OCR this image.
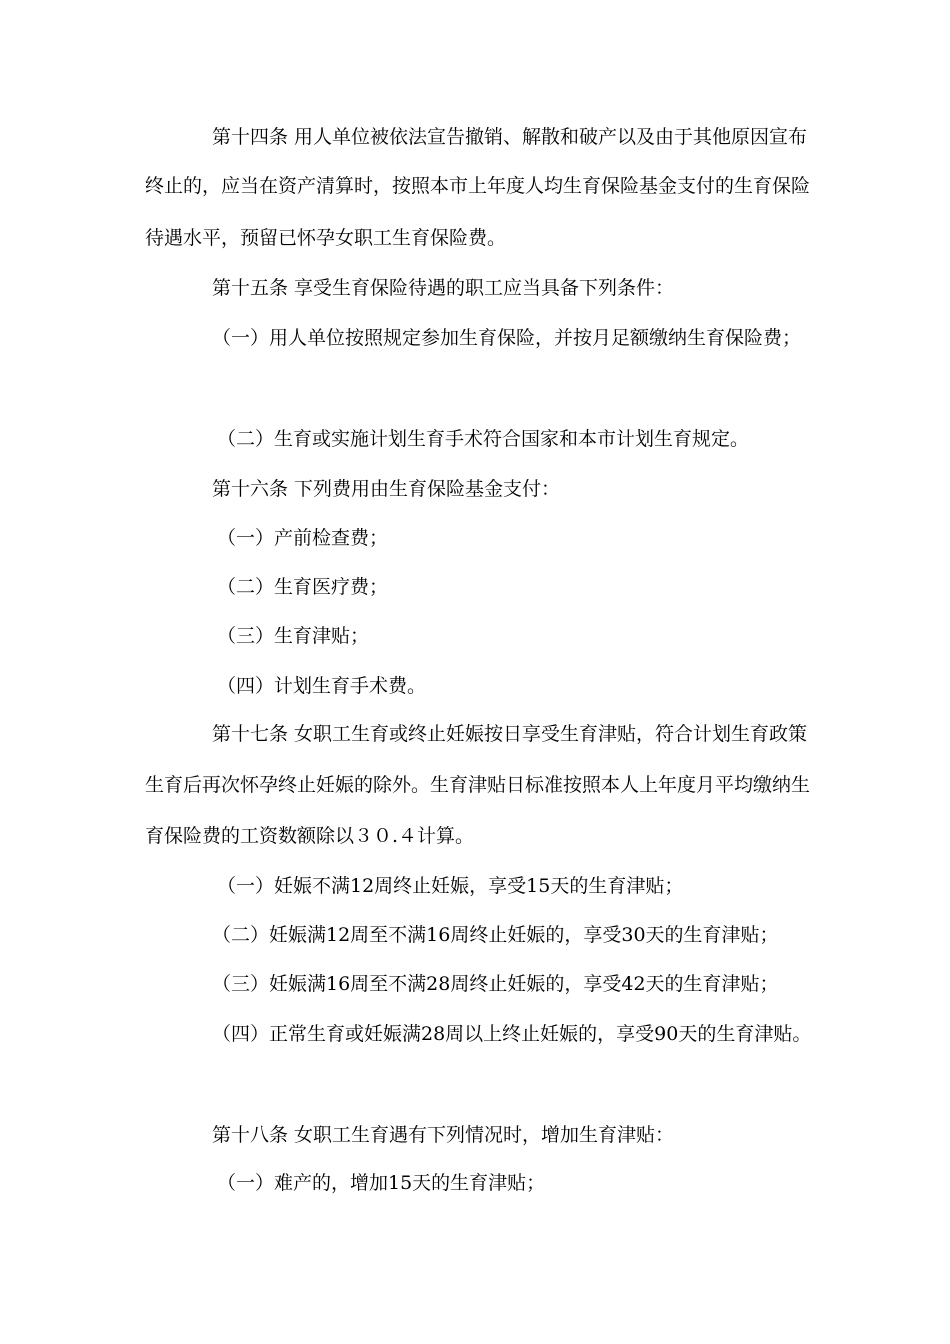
第十四条 用人单位被依法宣告撤销、解散和破产以及由于其他原因宣布
终止的，应当在资产清算时，按照本市上年度人均生育保险基金支付的生育保险
待遇水平，预留已怀孕女职工生育保险费。
第十五条 享受生育保险待遇的职工应当具备下列条件：
（一）用人单位按照规定参加生育保险，并按月足额缴纳生育保险费；
（二）生育或实施计划生育手术符合国家和本市计划生育规定。
第十六条 下列费用由生育保险基金支付：
（一）产前检查费；
（二）生育医疗费；
（三）生育津贴；
（四）计划生育手术费。
第十七条 女职工生育或终止妊娠按日享受生育津贴，符合计划生育政策
生育后再次怀孕终止妊娠的除外。生育津贴日标准按照本人上年度月平均缴纳生
育保险费的工资数额除以３０.４计算。
（一）妊娠不满12周终止妊娠，享受15天的生育津贴；
（二）妊娠满12周至不满16周终止妊娠的，享受30天的生育津贴；
（三）妊娠满16周至不满28周终止妊娠的，享受42天的生育津贴；
（四）正常生育或妊娠满28周以上终止妊娠的，享受90天的生育津贴。
第十八条 女职工生育遇有下列情况时，增加生育津贴：
（一）难产的，增加15天的生育津贴；
